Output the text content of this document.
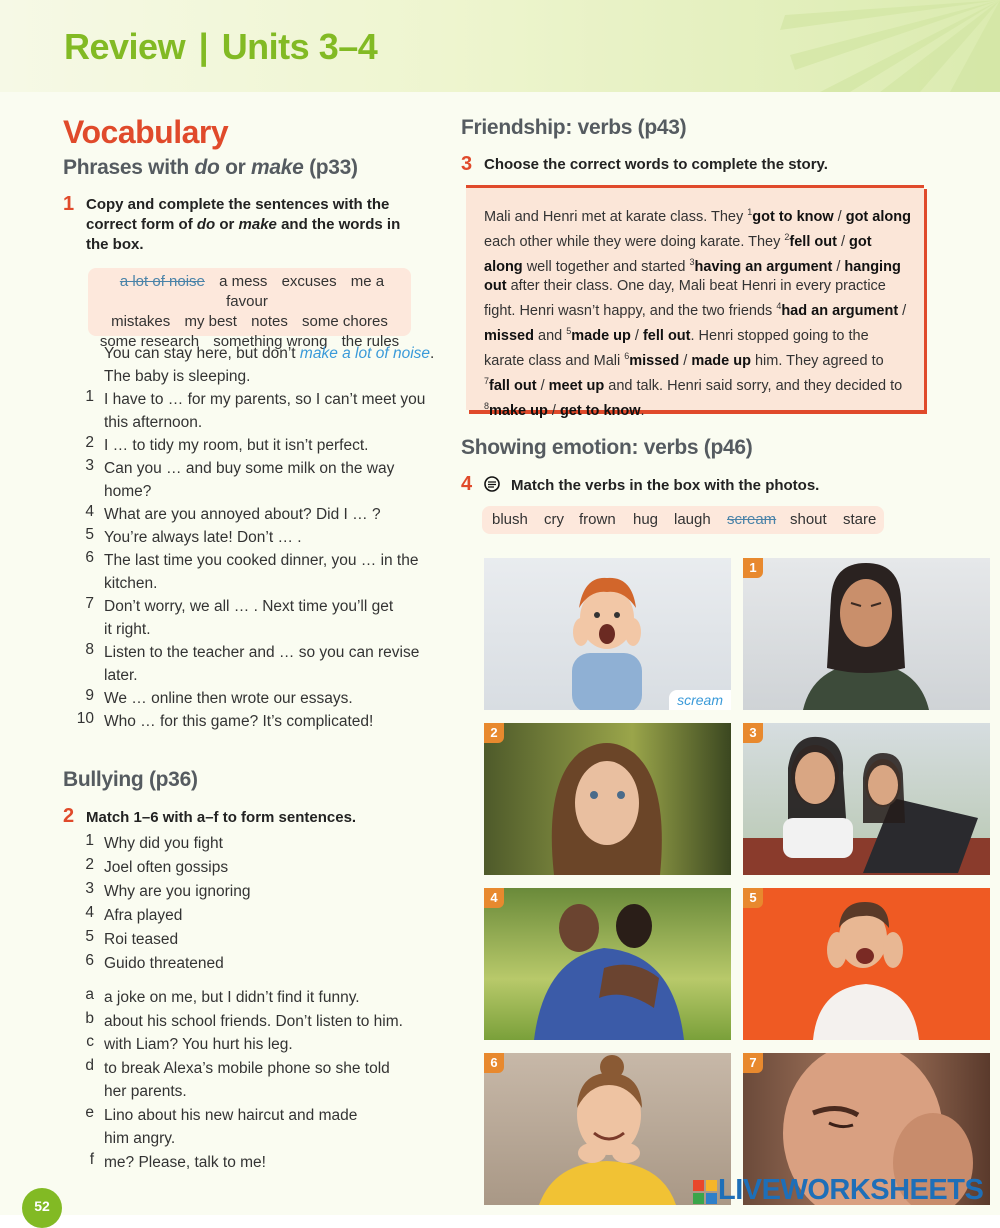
Review | Units 3–4
Vocabulary
Phrases with do or make (p33)
1 Copy and complete the sentences with the
correct form of do or make and the words in
the box.
a lot of noise a mess excuses me a favour
mistakes my best notes some chores
some research something wrong the rules
You can stay here, but don’t make a lot of noise.
The baby is sleeping.
Bullying (p36)
2 Match 1–6 with a–f to form sentences.
Friendship: verbs (p43)
3 Choose the correct words to complete the story.
Mali and Henri met at karate class. They $^1$got to know / got along each other while they were doing karate. They $^2$fell out / got along well together and started $^3$having an argument / hanging out after their class. One day, Mali beat Henri in every practice fight. Henri wasn’t happy, and the two friends $^4$had an argument / missed and $^5$made up / fell out. Henri stopped going to the karate class and Mali $^6$missed / made up him. They agreed to $^7$fall out / meet up and talk. Henri said sorry, and they decided to $^8$make up / get to know.
Showing emotion: verbs (p46)
4	Match the verbs in the box with the photos.
blush cry frown hug laugh scream shout stare
scream
1
2	3
4	5
6	7
52	LIVEWORKSHEETS
1 I have to … for my parents, so I can’t meet you
this afternoon.
2 I … to tidy my room, but it isn’t perfect.
3 Can you … and buy some milk on the way
home?
4 What are you annoyed about? Did I … ?
5 You’re always late! Don’t … .
6 The last time you cooked dinner, you … in the
kitchen.
7 Don’t worry, we all … . Next time you’ll get
it right.
8 Listen to the teacher and … so you can revise
later.
9 We … online then wrote our essays.
10 Who … for this game? It’s complicated!
1 Why did you fight
2 Joel often gossips
3 Why are you ignoring
4 Afra played
5 Roi teased
6 Guido threatened
a a joke on me, but I didn’t find it funny.
b about his school friends. Don’t listen to him.
c with Liam? You hurt his leg.
d to break Alexa’s mobile phone so she told
her parents.
e Lino about his new haircut and made
him angry.
f me? Please, talk to me!
